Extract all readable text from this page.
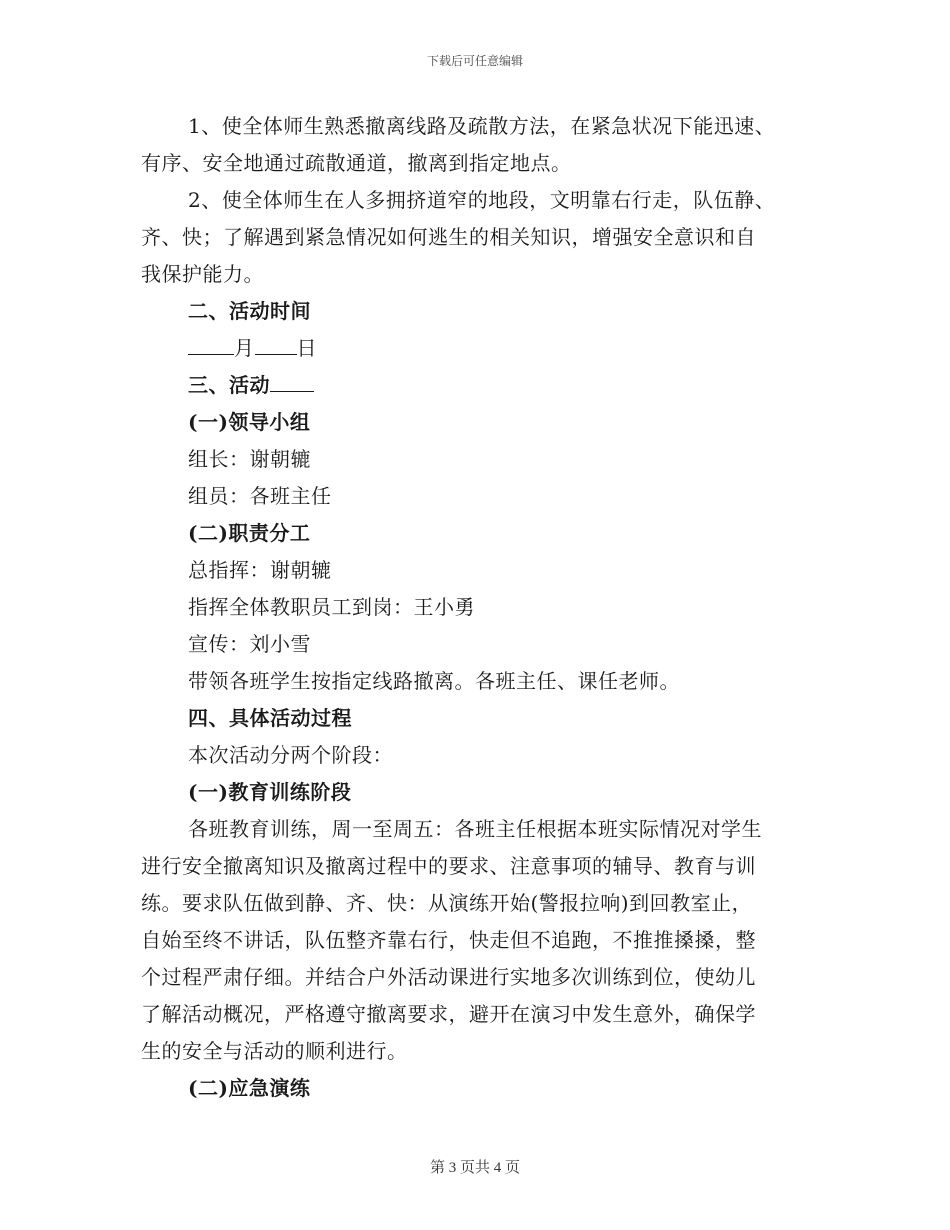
下载后可任意编辑
1、使全体师生熟悉撤离线路及疏散方法，在紧急状况下能迅速、
有序、安全地通过疏散通道，撤离到指定地点。
2、使全体师生在人多拥挤道窄的地段，文明靠右行走，队伍静、
齐、快；了解遇到紧急情况如何逃生的相关知识，增强安全意识和自
我保护能力。
二、活动时间
月 日
三、活动
(一)领导小组
组长：谢朝辘
组员：各班主任
(二)职责分工
总指挥：谢朝辘
指挥全体教职员工到岗：王小勇
宣传：刘小雪
带领各班学生按指定线路撤离。各班主任、课任老师。
四、具体活动过程
本次活动分两个阶段：
(一)教育训练阶段
各班教育训练，周一至周五：各班主任根据本班实际情况对学生
进行安全撤离知识及撤离过程中的要求、注意事项的辅导、教育与训
练。要求队伍做到静、齐、快：从演练开始(警报拉响)到回教室止，
自始至终不讲话，队伍整齐靠右行，快走但不追跑，不推推搡搡，整
个过程严肃仔细。并结合户外活动课进行实地多次训练到位，使幼儿
了解活动概况，严格遵守撤离要求，避开在演习中发生意外，确保学
生的安全与活动的顺利进行。
(二)应急演练
第 3 页共 4 页
